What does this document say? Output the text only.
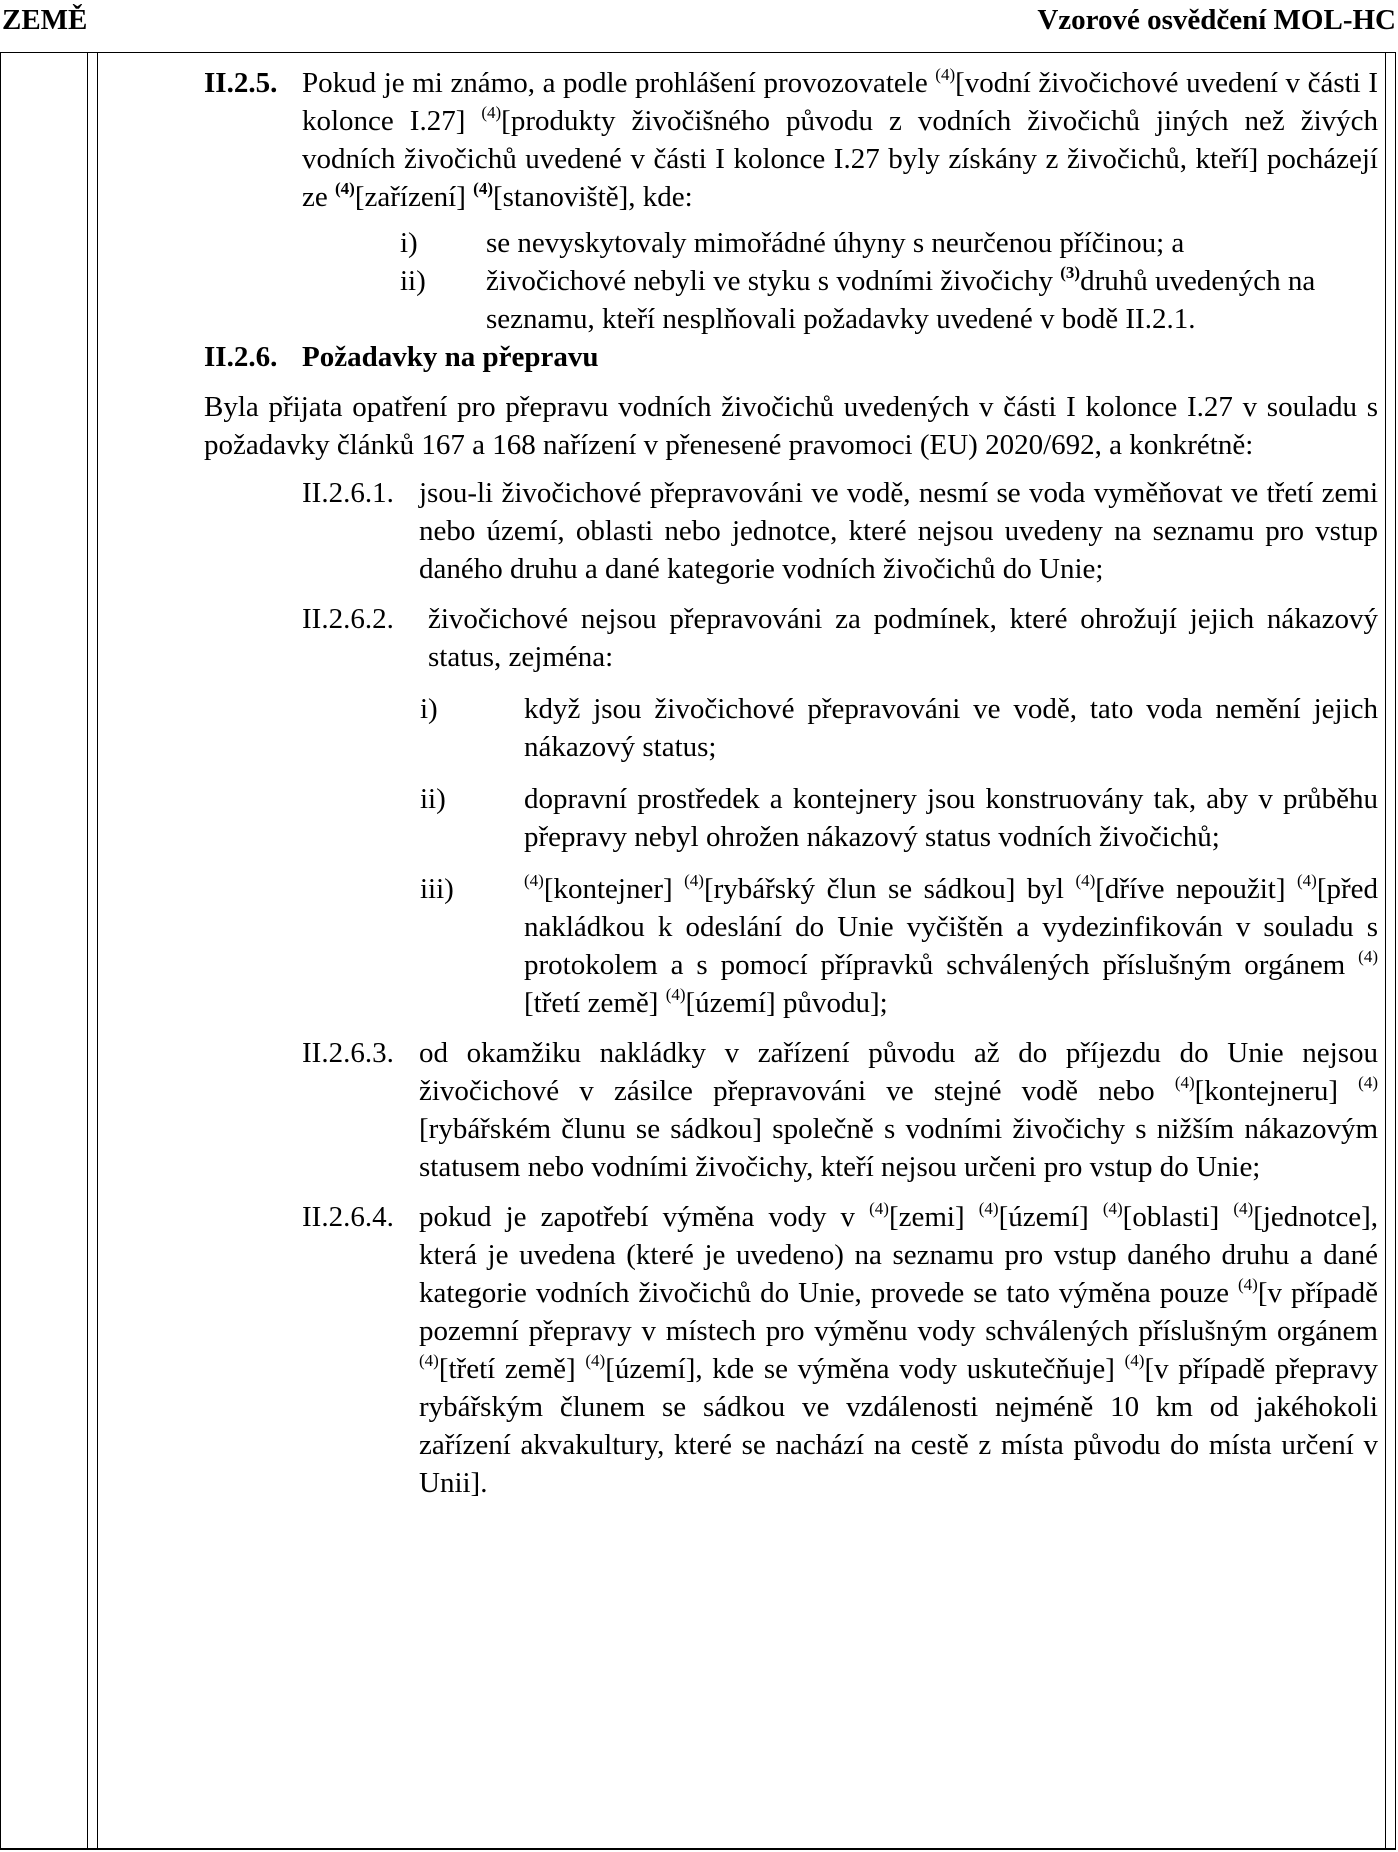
ZEMĚ	Vzorové osvědčení MOL-HC
II.2.5. Pokud je mi známo, a podle prohlášení provozovatele $^{(4)}$[vodní živočichové uvedení v části I kolonce I.27] $^{(4)}$[produkty živočišného původu z vodních živočichů jiných než živých vodních živočichů uvedené v části I kolonce I.27 byly získány z živočichů, kteří] pocházejí ze $^{(4)}$[zařízení] $^{(4)}$[stanoviště], kde:
i)	se nevyskytovaly mimořádné úhyny s neurčenou příčinou; a
ii)	živočichové nebyli ve styku s vodními živočichy $^{(3)}$druhů uvedených na seznamu, kteří nesplňovali požadavky uvedené v bodě II.2.1.
II.2.6. Požadavky na přepravu

Byla přijata opatření pro přepravu vodních živočichů uvedených v části I kolonce I.27 v souladu s požadavky článků 167 a 168 nařízení v přenesené pravomoci (EU) 2020/692, a konkrétně:

II.2.6.1. jsou-li živočichové přepravováni ve vodě, nesmí se voda vyměňovat ve třetí zemi nebo území, oblasti nebo jednotce, které nejsou uvedeny na seznamu pro vstup daného druhu a dané kategorie vodních živočichů do Unie;
II.2.6.2.	živočichové nejsou přepravováni za podmínek, které ohrožují jejich nákazový status, zejména:
i)	když jsou živočichové přepravováni ve vodě, tato voda nemění jejich nákazový status;
ii)	dopravní prostředek a kontejnery jsou konstruovány tak, aby v průběhu přepravy nebyl ohrožen nákazový status vodních živočichů;
iii)	$^{(4)}$[kontejner] $^{(4)}$[rybářský člun se sádkou] byl $^{(4)}$[dříve nepoužit] $^{(4)}$[před nakládkou k odeslání do Unie vyčištěn a vydezinfikován v souladu s protokolem a s pomocí přípravků schválených příslušným orgánem $^{(4)}$[třetí země] $^{(4)}$[území] původu];
II.2.6.3. od okamžiku nakládky v zařízení původu až do příjezdu do Unie nejsou živočichové v zásilce přepravováni ve stejné vodě nebo $^{(4)}$[kontejneru] $^{(4)}$[rybářském člunu se sádkou] společně s vodními živočichy s nižším nákazovým statusem nebo vodními živočichy, kteří nejsou určeni pro vstup do Unie;
II.2.6.4. pokud je zapotřebí výměna vody v $^{(4)}$[zemi] $^{(4)}$[území] $^{(4)}$[oblasti] $^{(4)}$[jednotce], která je uvedena (které je uvedeno) na seznamu pro vstup daného druhu a dané kategorie vodních živočichů do Unie, provede se tato výměna pouze $^{(4)}$[v případě pozemní přepravy v místech pro výměnu vody schválených příslušným orgánem $^{(4)}$[třetí země] $^{(4)}$[území], kde se výměna vody uskutečňuje] $^{(4)}$[v případě přepravy rybářským člunem se sádkou ve vzdálenosti nejméně 10 km od jakéhokoli zařízení akvakultury, které se nachází na cestě z místa původu do místa určení v Unii].
